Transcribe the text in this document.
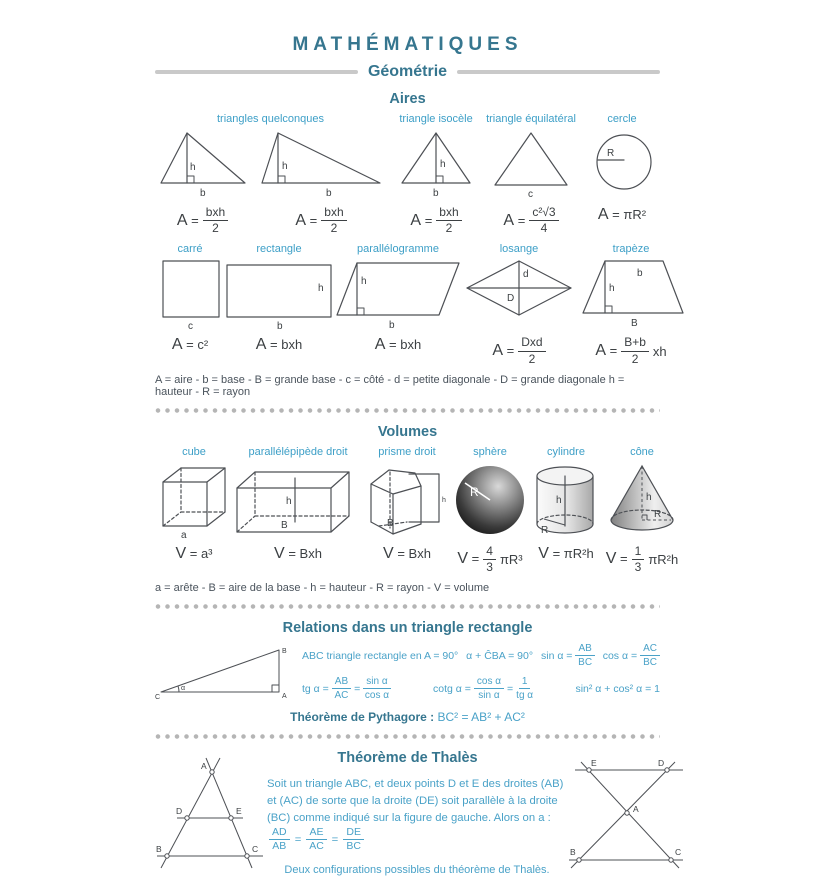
MATHÉMATIQUES
Géométrie
Aires
triangles quelconques
h
b
$A = \frac{\text{bxh}}{2}$
h
b
$A = \frac{\text{bxh}}{2}$
triangle isocèle
h
b
$A = \frac{\text{bxh}}{2}$
triangle équilatéral
c
$A = \frac{\text{c²√3}}{4}$
cercle
R
A = πR²
carré
c
A = c²
rectangle
h
b
A = bxh
parallélogramme
h
b
A = bxh
losange
d
D
$A = \frac{\text{Dxd}}{2}$
trapèze
b
h
B
$A = \frac{B+b}{2}$ xh
A = aire - b = base - B = grande base - c = côté - d = petite diagonale - D = grande diagonale h = hauteur - R = rayon
Volumes
cube
a
V = a³
parallélépipède droit
h
B
V = Bxh
prisme droit
B
h
V = Bxh
sphère
R
$V = \frac{4}{3} \pi R^3$
cylindre
h
R
V = πR²h
cône
h
R
$V = \frac{1}{3} \pi R^2h$
a = arête - B = aire de la base - h = hauteur - R = rayon - V = volume
Relations dans un triangle rectangle
α
C	A
B ABC triangle rectangle en A = 90° α + ĈBA = 90° $\sin \alpha = \frac{AB}{BC}$ $\cos \alpha = \frac{AC}{BC}$
tg $\alpha = \frac{AB}{AC} = \frac{\text{sin α}}{\text{cos α}}$	cotg $\alpha = \frac{\text{cos α}}{\text{sin α}} = \frac{1}{\text{tg α}}$	sin² α + cos² α = 1
Théorème de Pythagore : BC² = AB² + AC²
Théorème de Thalès
A
D	E
B	C

Soit un triangle ABC, et deux points D et E des droites (AB) et (AC) de sorte que la droite (DE) soit parallèle à la droite (BC) comme indiqué sur la figure de gauche. Alors on a :
$\frac{AD}{AB} = \frac{AE}{AC} = \frac{DE}{BC}$

Deux configurations possibles du théorème de Thalès.
E	D
A
B	C
